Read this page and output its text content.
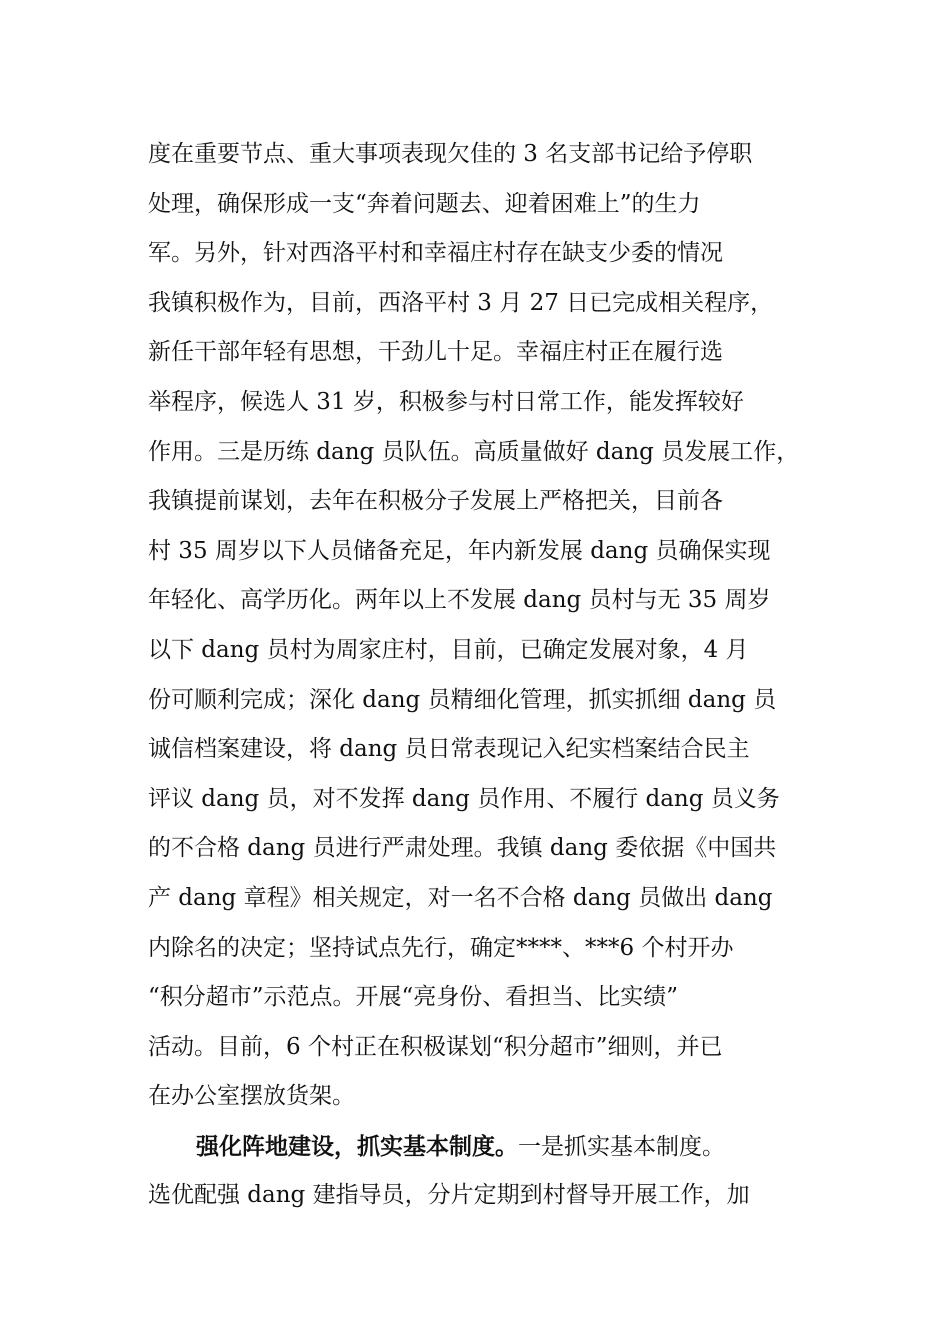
度在重要节点、重大事项表现欠佳的 3 名支部书记给予停职
处理，确保形成一支“奔着问题去、迎着困难上”的生力
军。另外，针对西洛平村和幸福庄村存在缺支少委的情况
我镇积极作为，目前，西洛平村 3 月 27 日已完成相关程序，
新任干部年轻有思想，干劲儿十足。幸福庄村正在履行选
举程序，候选人 31 岁，积极参与村日常工作，能发挥较好
作用。三是历练 dang 员队伍。高质量做好 dang 员发展工作，
我镇提前谋划，去年在积极分子发展上严格把关，目前各
村 35 周岁以下人员储备充足，年内新发展 dang 员确保实现
年轻化、高学历化。两年以上不发展 dang 员村与无 35 周岁
以下 dang 员村为周家庄村，目前，已确定发展对象，4 月
份可顺利完成；深化 dang 员精细化管理，抓实抓细 dang 员
诚信档案建设，将 dang 员日常表现记入纪实档案结合民主
评议 dang 员，对不发挥 dang 员作用、不履行 dang 员义务
的不合格 dang 员进行严肃处理。我镇 dang 委依据《中国共
产 dang 章程》相关规定，对一名不合格 dang 员做出 dang
内除名的决定；坚持试点先行，确定****、***6 个村开办
“积分超市”示范点。开展“亮身份、看担当、比实绩”
活动。目前，6 个村正在积极谋划“积分超市”细则，并已
在办公室摆放货架。
强化阵地建设，抓实基本制度。一是抓实基本制度。
选优配强 dang 建指导员，分片定期到村督导开展工作，加
